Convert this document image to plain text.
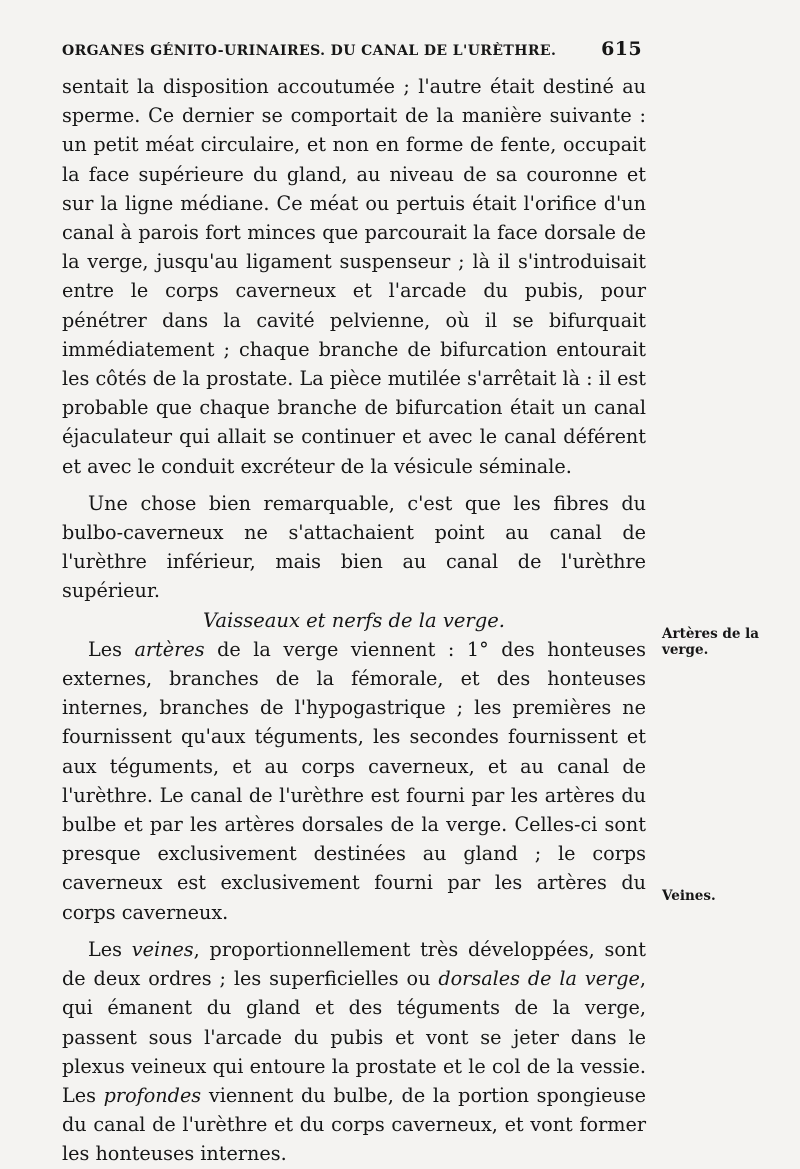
ORGANES GÉNITO-URINAIRES. DU CANAL DE L'URÈTHRE. 615

sentait la disposition accoutumée ; l'autre était destiné au sperme. Ce dernier se comportait de la manière suivante : un petit méat circulaire, et non en forme de fente, occupait la face supérieure du gland, au niveau de sa couronne et sur la ligne médiane. Ce méat ou pertuis était l'orifice d'un canal à parois fort minces que parcourait la face dorsale de la verge, jusqu'au ligament suspenseur ; là il s'introduisait entre le corps caverneux et l'arcade du pubis, pour pénétrer dans la cavité pelvienne, où il se bifurquait immédiatement ; chaque branche de bifurcation entourait les côtés de la prostate. La pièce mutilée s'arrêtait là : il est probable que chaque branche de bifurcation était un canal éjaculateur qui allait se continuer et avec le canal déférent et avec le conduit excréteur de la vésicule séminale.

Une chose bien remarquable, c'est que les fibres du bulbo-caverneux ne s'attachaient point au canal de l'urèthre inférieur, mais bien au canal de l'urèthre supérieur.

Vaisseaux et nerfs de la verge.

Les artères de la verge viennent : 1° des honteuses externes, branches de la fémorale, et des honteuses internes, branches de l'hypogastrique ; les premières ne fournissent qu'aux téguments, les secondes fournissent et aux téguments, et au corps caverneux, et au canal de l'urèthre. Le canal de l'urèthre est fourni par les artères du bulbe et par les artères dorsales de la verge. Celles-ci sont presque exclusivement destinées au gland ; le corps caverneux est exclusivement fourni par les artères du corps caverneux.

Les veines, proportionnellement très développées, sont de deux ordres ; les superficielles ou dorsales de la verge, qui émanent du gland et des téguments de la verge, passent sous l'arcade du pubis et vont se jeter dans le plexus veineux qui entoure la prostate et le col de la vessie. Les profondes viennent du bulbe, de la portion spongieuse du canal de l'urèthre et du corps caverneux, et vont former les honteuses internes.

Artères de la verge.
Veines.
